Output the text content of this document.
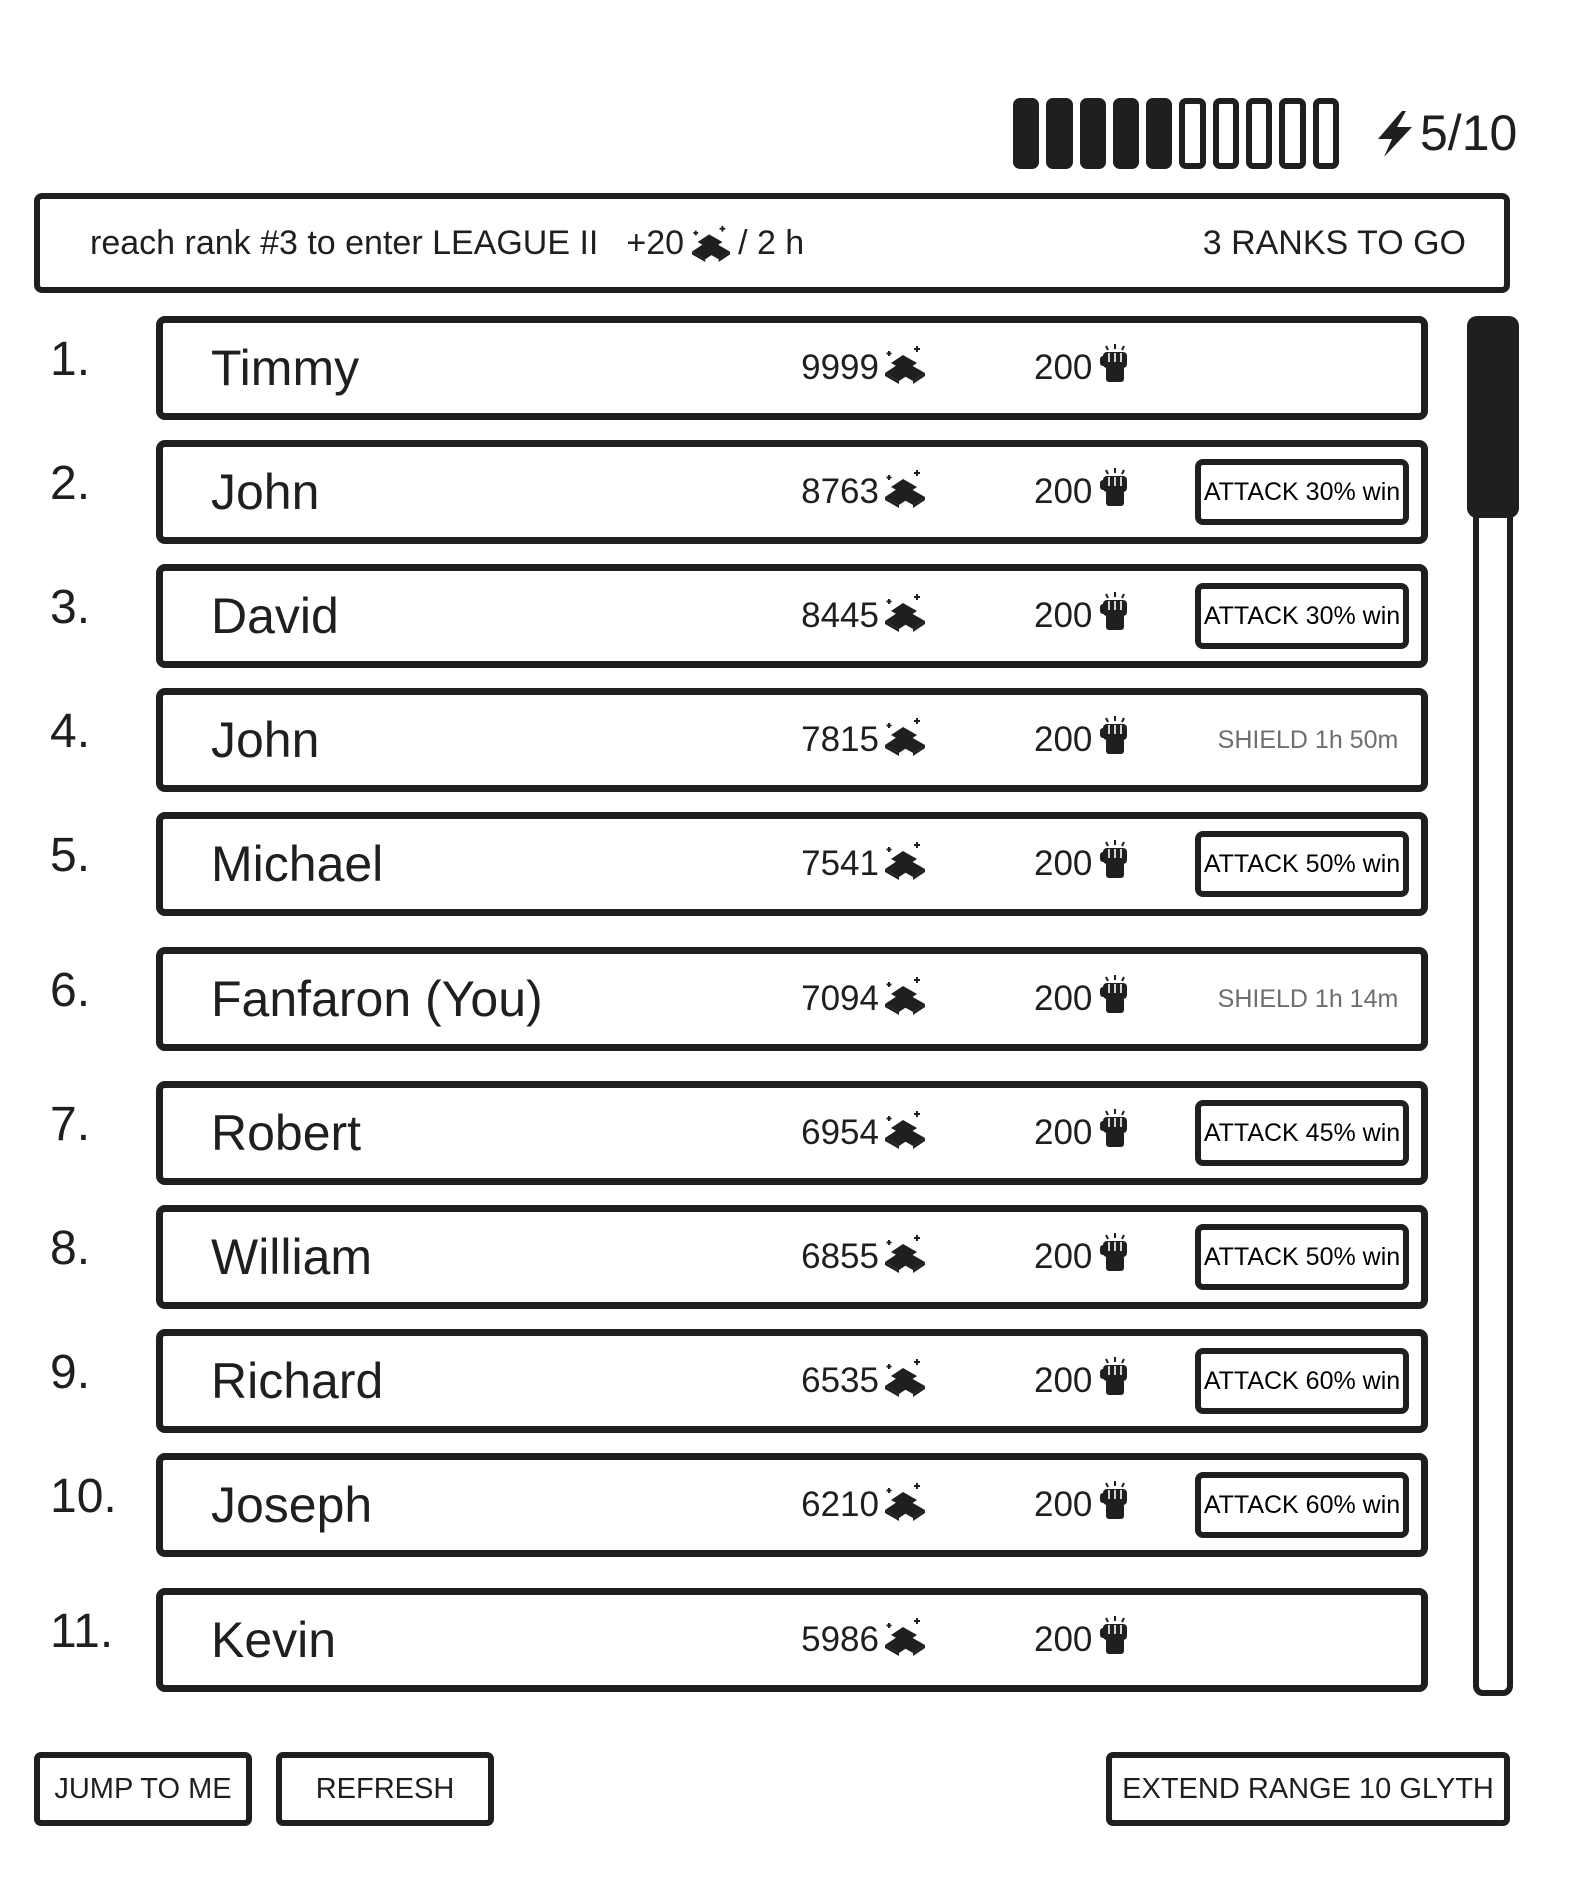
5/10
reach rank #3 to enter LEAGUE II +20 / 2 h	3 RANKS TO GO
1.	Timmy	9999	200
2.	John	8763	200	ATTACK 30% win
3.	David	8445	200	ATTACK 30% win
4.	John	7815	200	SHIELD 1h 50m
5.	Michael	7541	200	ATTACK 50% win
6.	Fanfaron (You)	7094	200	SHIELD 1h 14m
7.	Robert	6954	200	ATTACK 45% win
8.	William	6855	200	ATTACK 50% win
9.	Richard	6535	200	ATTACK 60% win
10.	Joseph	6210	200	ATTACK 60% win
11.	Kevin	5986	200
JUMP TO ME	REFRESH	EXTEND RANGE 10 GLYTH
